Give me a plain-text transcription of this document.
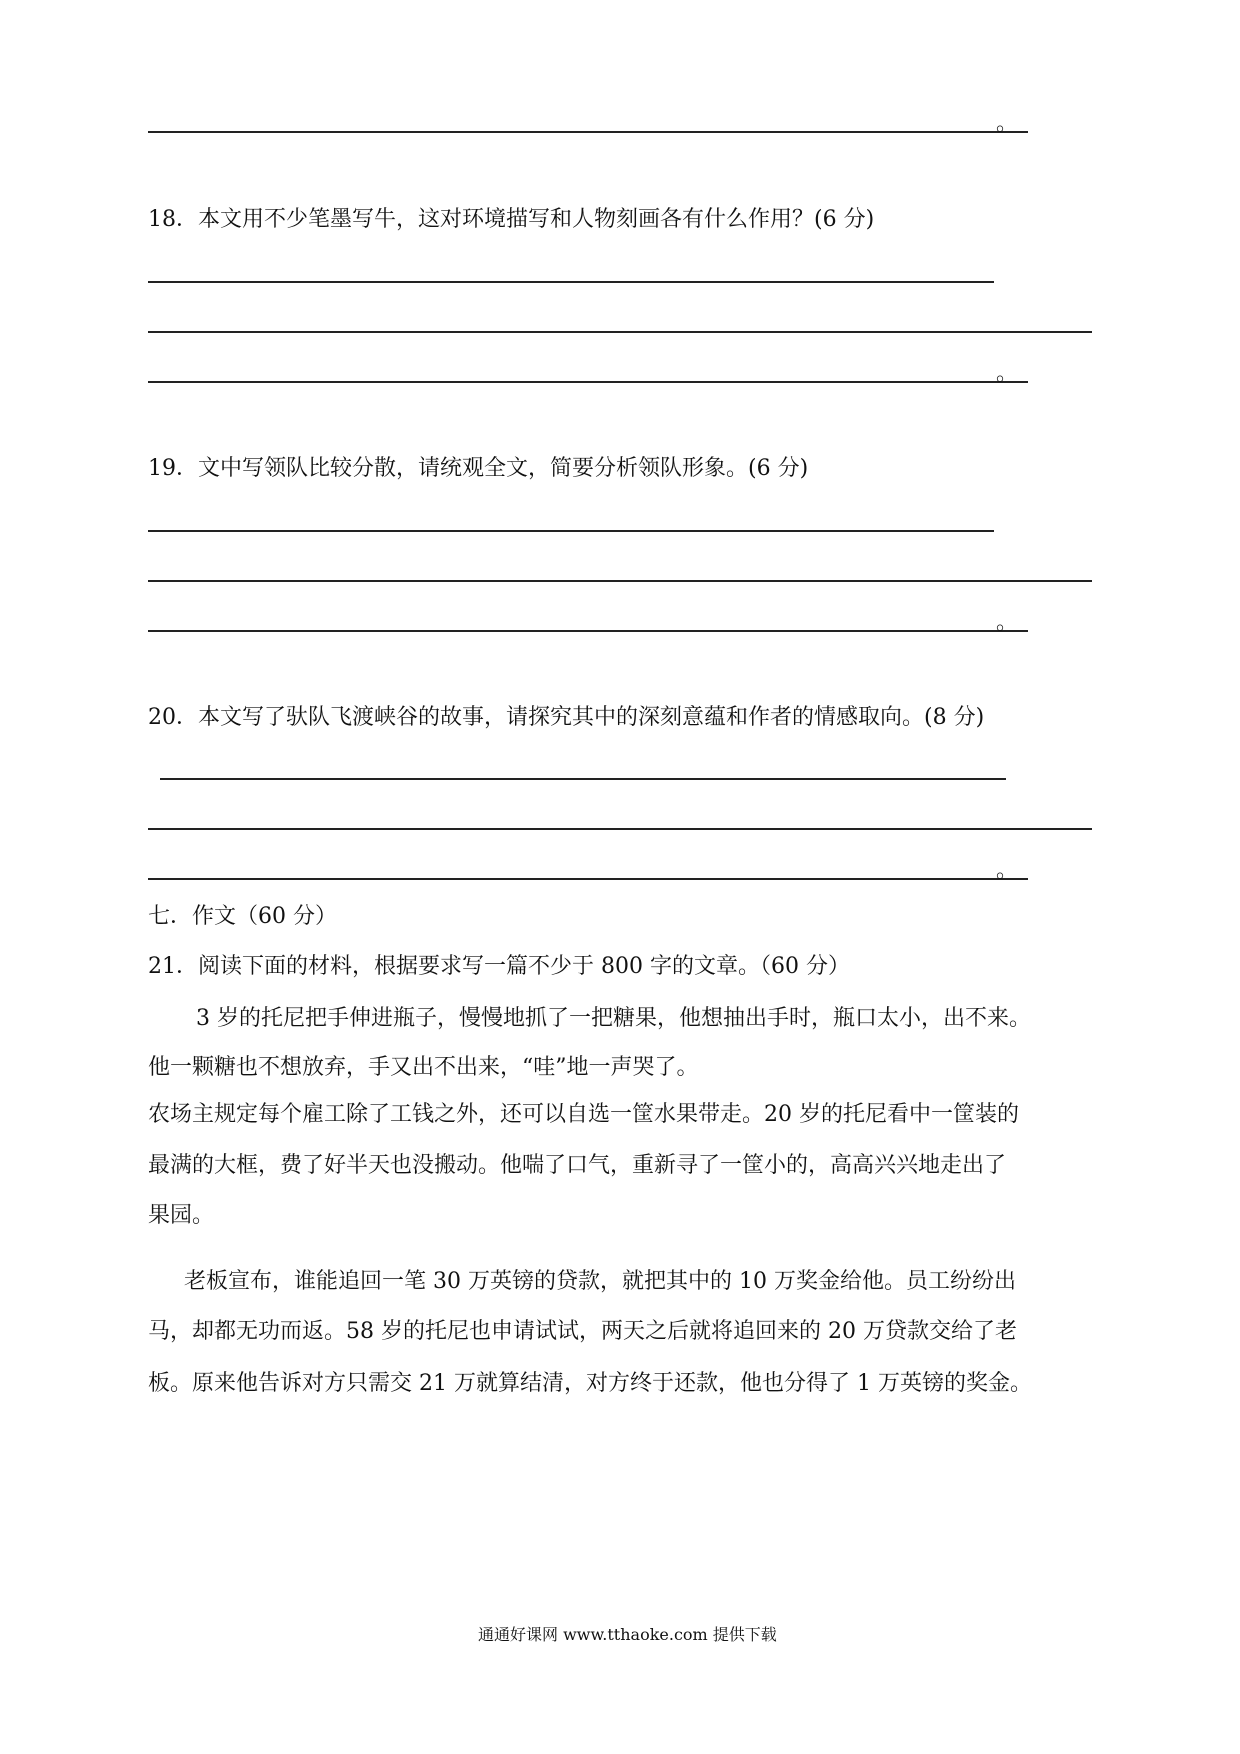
。
18．本文用不少笔墨写牛，这对环境描写和人物刻画各有什么作用？(6 分)
。
19．文中写领队比较分散，请统观全文，简要分析领队形象。(6 分)
。
20．本文写了驮队飞渡峡谷的故事，请探究其中的深刻意蕴和作者的情感取向。(8 分)
。
七．作文（60 分）
21．阅读下面的材料，根据要求写一篇不少于 800 字的文章。（60 分）
3 岁的托尼把手伸进瓶子，慢慢地抓了一把糖果，他想抽出手时，瓶口太小，出不来。
他一颗糖也不想放弃，手又出不出来，“哇”地一声哭了。
农场主规定每个雇工除了工钱之外，还可以自选一筐水果带走。20 岁的托尼看中一筐装的
最满的大框，费了好半天也没搬动。他喘了口气，重新寻了一筐小的，高高兴兴地走出了
果园。
老板宣布，谁能追回一笔 30 万英镑的贷款，就把其中的 10 万奖金给他。员工纷纷出
马，却都无功而返。58 岁的托尼也申请试试，两天之后就将追回来的 20 万贷款交给了老
板。原来他告诉对方只需交 21 万就算结清，对方终于还款，他也分得了 1 万英镑的奖金。
通通好课网 www.tthaoke.com 提供下载
